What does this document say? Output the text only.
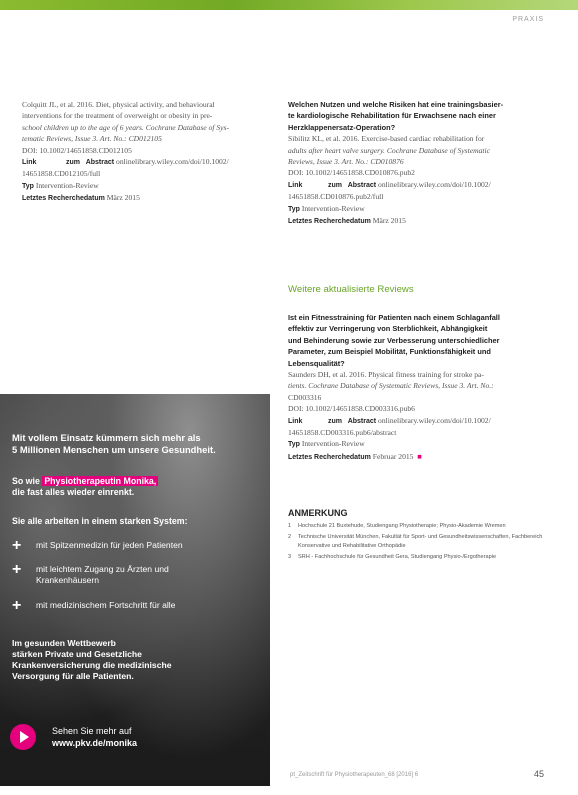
PRAXIS

Colquitt JL, et al. 2016. Diet, physical activity, and behavioural

interventions for the treatment of overweight or obesity in pre-

school children up to the age of 6 years. Cochrane Database of Sys-

tematic Reviews, Issue 3. Art. No.: CD012105

DOI: 10.1002/14651858.CD012105

Link	zum Abstract onlinelibrary.wiley.com/doi/10.1002/

14651858.CD012105/full

Typ Intervention-Review

Letztes Recherchedatum März 2015

Welchen Nutzen und welche Risiken hat eine trainingsbasier-

te kardiologische Rehabilitation für Erwachsene nach einer

Herzklappenersatz-Operation?

Sibilitz KL, et al. 2016. Exercise-based cardiac rehabilitation for

adults after heart valve surgery. Cochrane Database of Systematic

Reviews, Issue 3. Art. No.: CD010876

DOI: 10.1002/14651858.CD010876.pub2

Link	zum Abstract onlinelibrary.wiley.com/doi/10.1002/

14651858.CD010876.pub2/full

Typ Intervention-Review

Letztes Recherchedatum März 2015

Weitere aktualisierte Reviews

Ist ein Fitnesstraining für Patienten nach einem Schlaganfall

effektiv zur Verringerung von Sterblichkeit, Abhängigkeit

und Behinderung sowie zur Verbesserung unterschiedlicher

Parameter, zum Beispiel Mobilität, Funktionsfähigkeit und

Lebensqualität?

Saunders DH, et al. 2016. Physical fitness training for stroke pa-

tients. Cochrane Database of Systematic Reviews, Issue 3. Art. No.:

CD003316

DOI: 10.1002/14651858.CD003316.pub6

Link	zum Abstract onlinelibrary.wiley.com/doi/10.1002/

14651858.CD003316.pub6/abstract

Typ Intervention-Review

Letztes Recherchedatum Februar 2015 ■

ANMERKUNG

1	Hochschule 21 Buxtehude, Studiengang Physiotherapie; Physio-Akademie Wremen

2	Technische Universität München, Fakultät für Sport- und Gesundheitswissenschaften, Fachbereich Konservative und Rehabilitative Orthopädie

3	SRH - Fachhochschule für Gesundheit Gera, Studiengang Physio-/Ergotherapie

Mit vollem Einsatz kümmern sich mehr als
5 Millionen Menschen um unsere Gesundheit.

So wie Physiotherapeutin Monika,
die fast alles wieder einrenkt.

Sie alle arbeiten in einem starken System:

+	mit Spitzenmedizin für jeden Patienten
+	mit leichtem Zugang zu Ärzten und
Krankenhäusern
+	mit medizinischem Fortschritt für alle

Im gesunden Wettbewerb
stärken Private und Gesetzliche
Krankenversicherung die medizinische
Versorgung für alle Patienten.

Sehen Sie mehr auf
www.pkv.de/monika
pt_Zeitschrift für Physiotherapeuten_68 [2016] 6	45
